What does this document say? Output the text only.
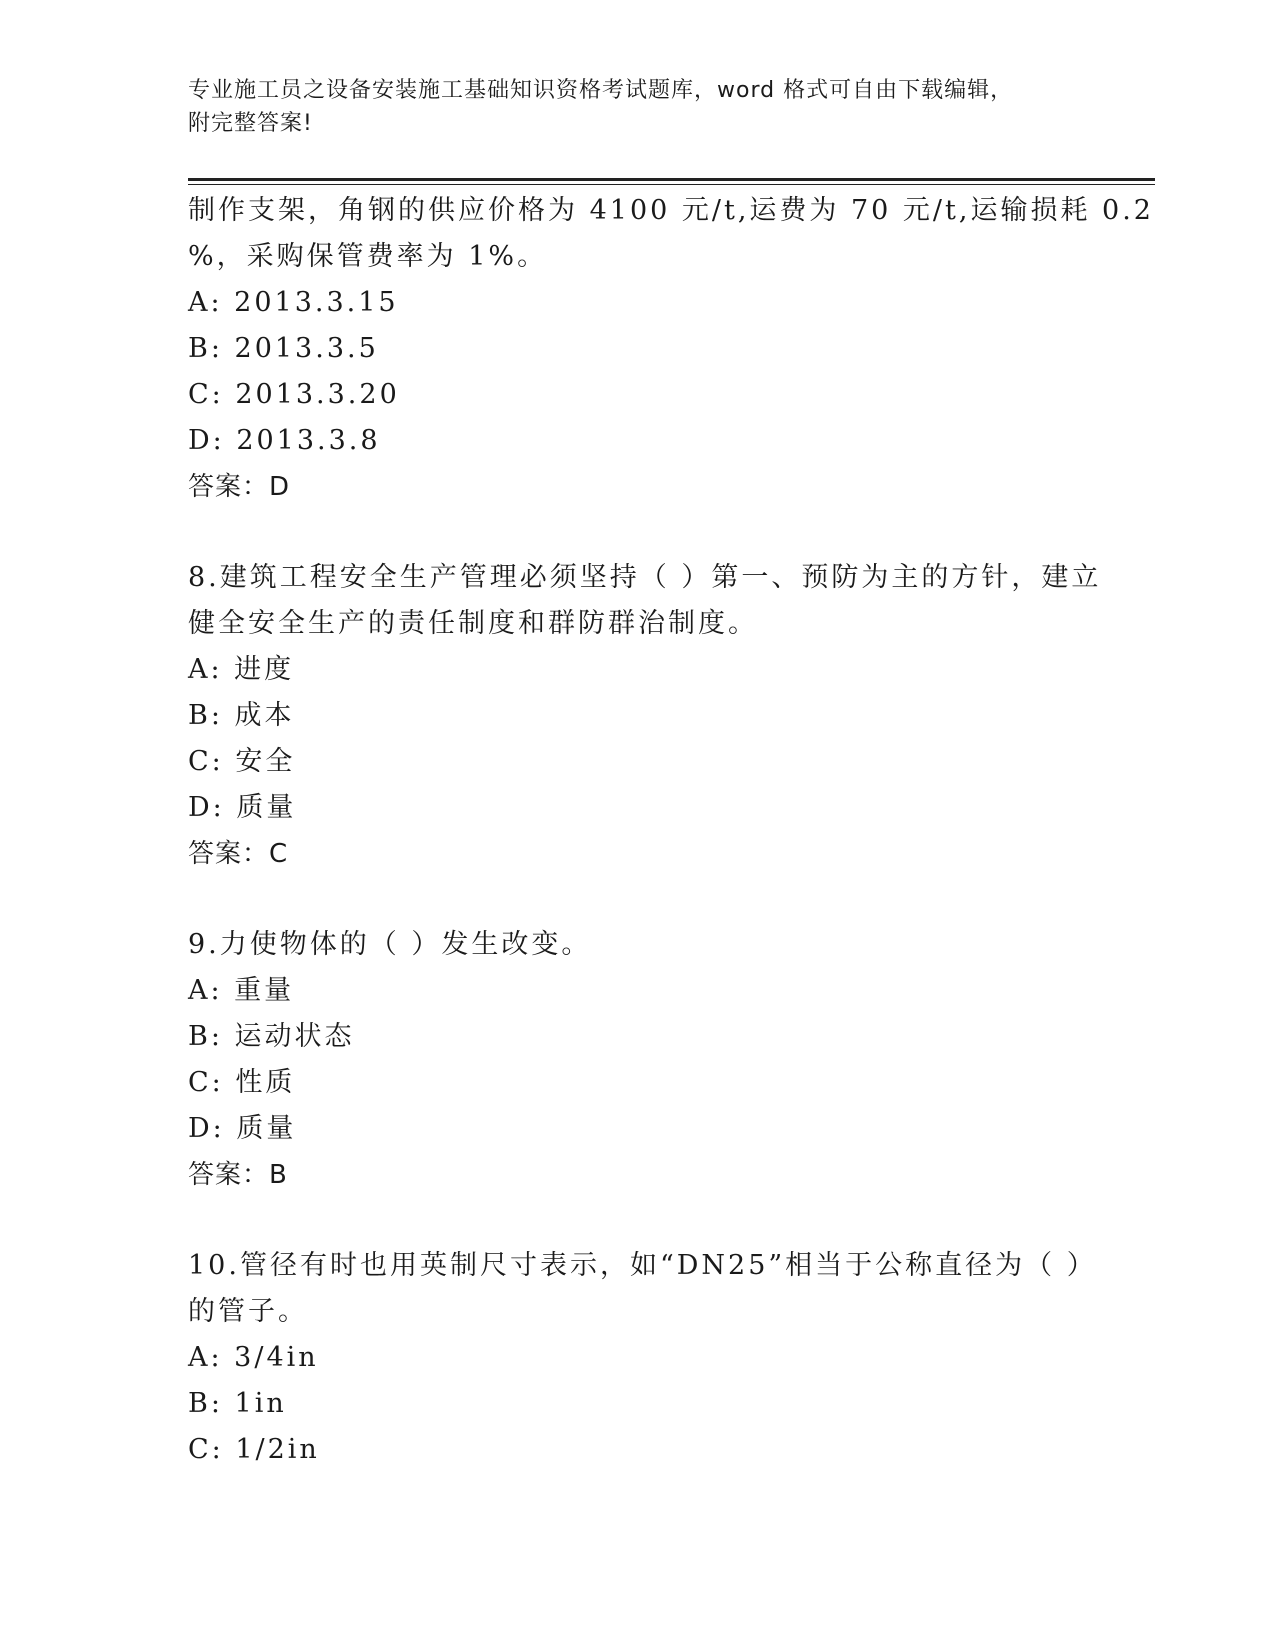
专业施工员之设备安装施工基础知识资格考试题库，word 格式可自由下载编辑，
附完整答案!
制作支架，角钢的供应价格为 4100 元/t,运费为 70 元/t,运输损耗 0.2
%，采购保管费率为 1%。
A: 2013.3.15
B: 2013.3.5
C: 2013.3.20
D: 2013.3.8
答案：D
8.建筑工程安全生产管理必须坚持（ ）第一、预防为主的方针，建立
健全安全生产的责任制度和群防群治制度。
A: 进度
B: 成本
C: 安全
D: 质量
答案：C
9.力使物体的（ ）发生改变。
A: 重量
B: 运动状态
C: 性质
D: 质量
答案：B
10.管径有时也用英制尺寸表示，如“DN25”相当于公称直径为（ ）
的管子。
A: 3/4in
B: 1in
C: 1/2in
